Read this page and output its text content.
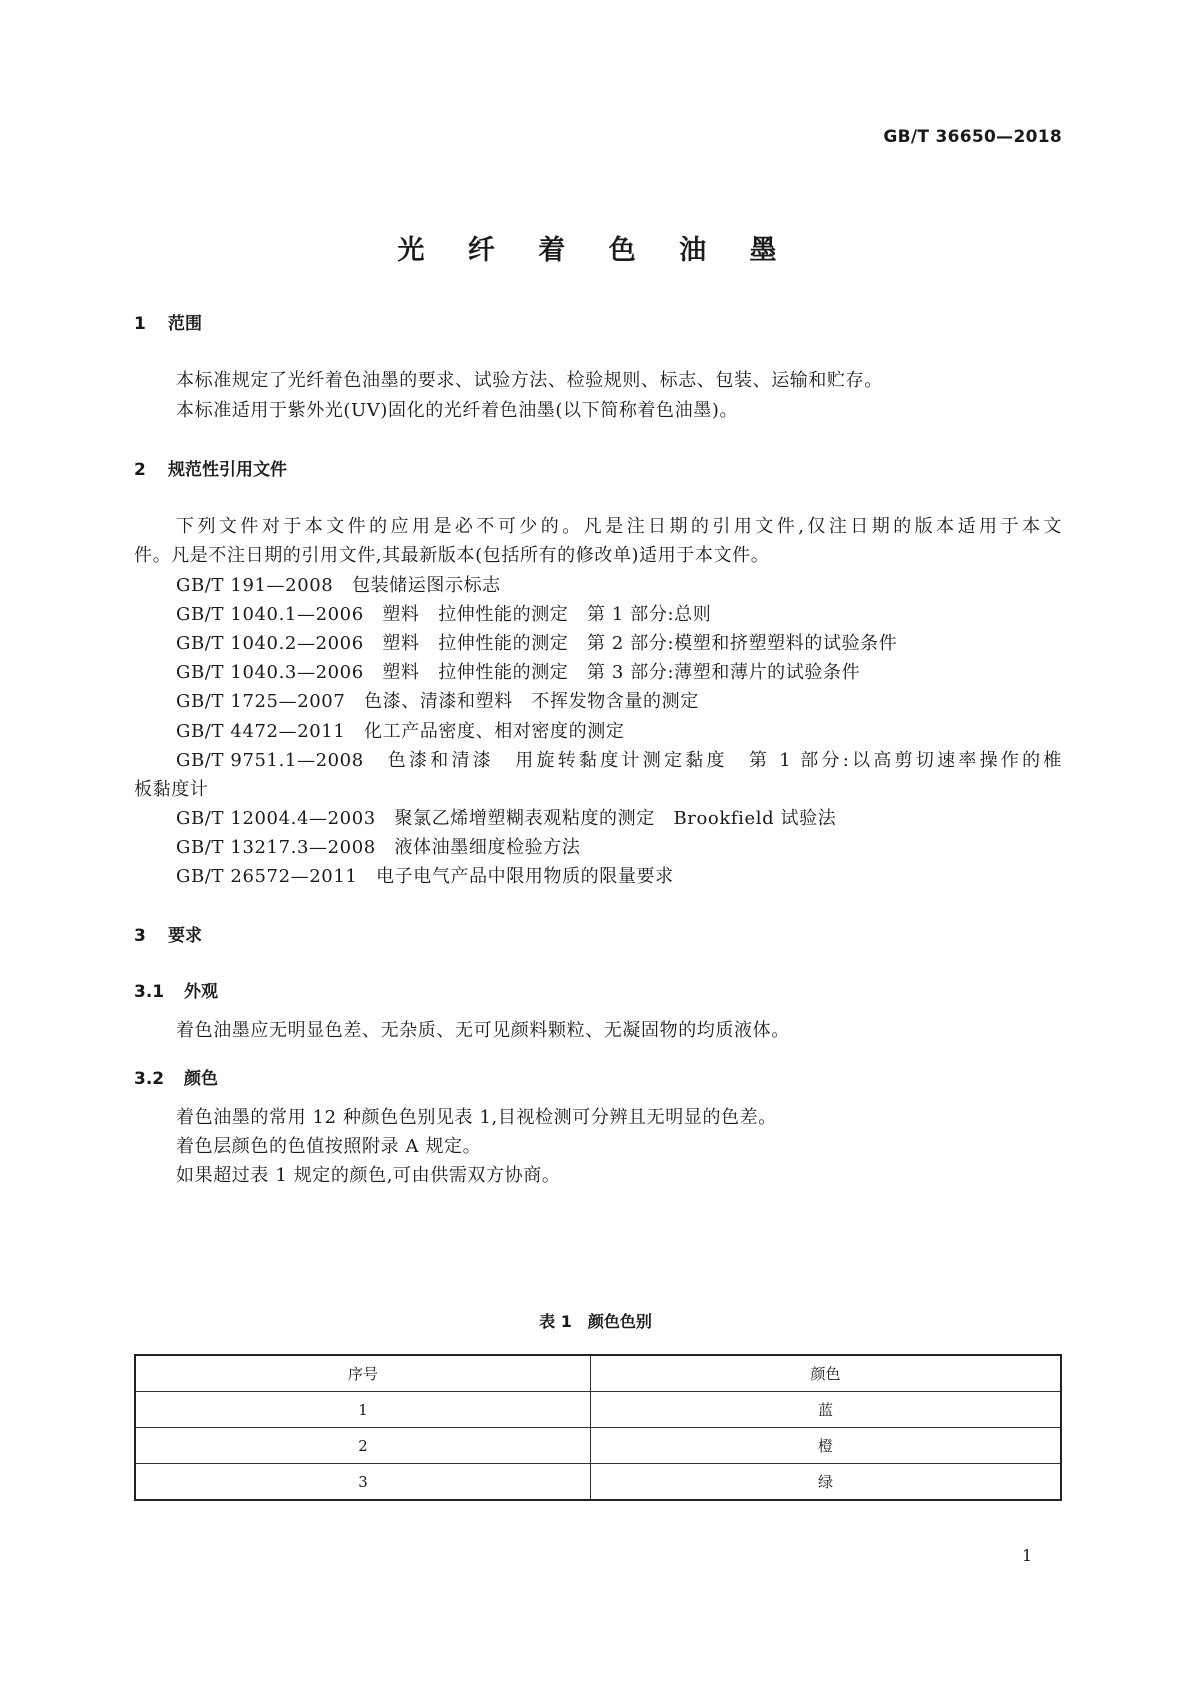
GB/T 36650—2018
光 纤 着 色 油 墨
1 范围
本标准规定了光纤着色油墨的要求、试验方法、检验规则、标志、包装、运输和贮存。
本标准适用于紫外光(UV)固化的光纤着色油墨(以下简称着色油墨)。
2 规范性引用文件
下列文件对于本文件的应用是必不可少的。凡是注日期的引用文件,仅注日期的版本适用于本文
件。凡是不注日期的引用文件,其最新版本(包括所有的修改单)适用于本文件。
GB/T 191—2008　 包装储运图示标志
GB/T 1040.1—2006　 塑料　拉伸性能的测定　第 1 部分:总则
GB/T 1040.2—2006　 塑料　拉伸性能的测定　第 2 部分:模塑和挤塑塑料的试验条件
GB/T 1040.3—2006　 塑料　拉伸性能的测定　第 3 部分:薄塑和薄片的试验条件
GB/T 1725—2007　 色漆、清漆和塑料　不挥发物含量的测定
GB/T 4472—2011　 化工产品密度、相对密度的测定
GB/T 9751.1—2008　 色漆和清漆　用旋转黏度计测定黏度　第 1 部分:以高剪切速率操作的椎
板黏度计
GB/T 12004.4—2003　 聚氯乙烯增塑糊表观粘度的测定　Brookfield 试验法
GB/T 13217.3—2008　 液体油墨细度检验方法
GB/T 26572—2011　 电子电气产品中限用物质的限量要求
3 要求
3.1 外观
着色油墨应无明显色差、无杂质、无可见颜料颗粒、无凝固物的均质液体。
3.2 颜色
着色油墨的常用 12 种颜色色别见表 1,目视检测可分辨且无明显的色差。
着色层颜色的色值按照附录 A 规定。
如果超过表 1 规定的颜色,可由供需双方协商。
表 1　颜色色别
序号	颜色
1	蓝
2	橙
3	绿
1
